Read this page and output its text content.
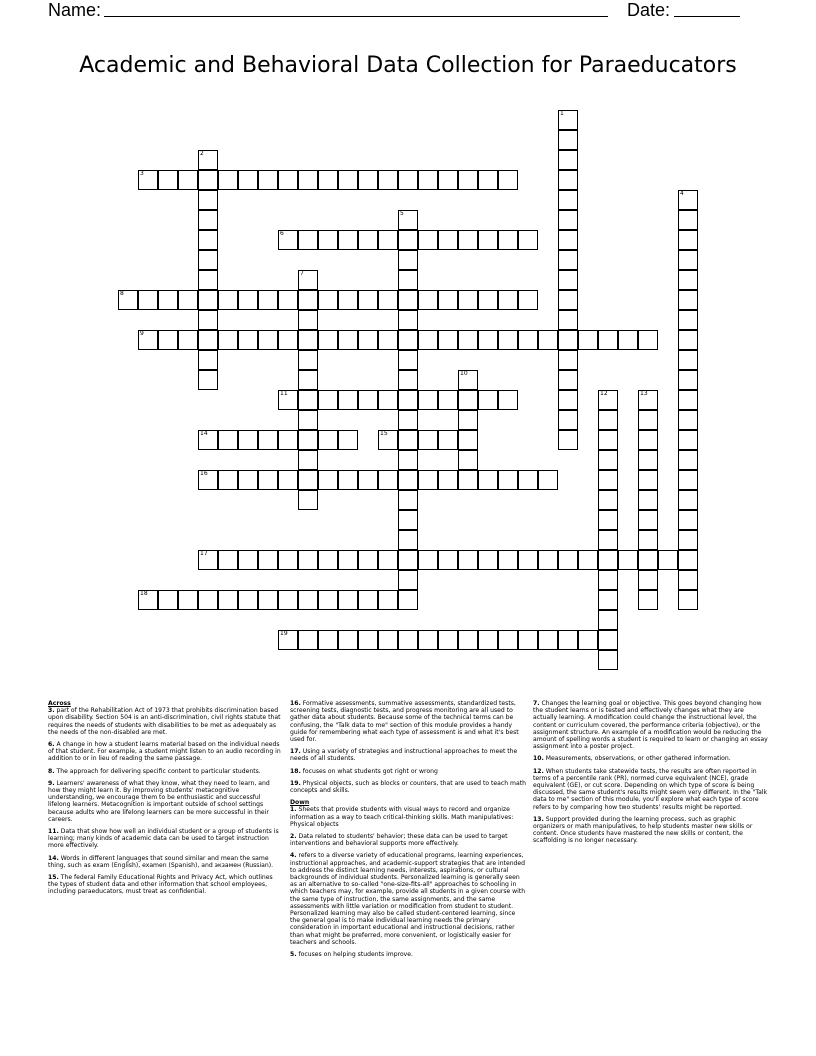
Name:	Date:
Academic and Behavioral Data Collection for Paraeducators
1
2
3
4
5
6
7
8
9
10
11	12	13
14	15
16
17
18
19
Across
3. part of the Rehabilitation Act of 1973 that prohibits discrimination based upon disability. Section 504 is an anti-discrimination, civil rights statute that requires the needs of students with disabilities to be met as adequately as the needs of the non-disabled are met.
6. A change in how a student learns material based on the individual needs of that student. For example, a student might listen to an audio recording in addition to or in lieu of reading the same passage.
8. The approach for delivering specific content to particular students.
9. Learners' awareness of what they know, what they need to learn, and how they might learn it. By improving students' metacognitive understanding, we encourage them to be enthusiastic and successful lifelong learners. Metacognition is important outside of school settings because adults who are lifelong learners can be more successful in their careers.
11. Data that show how well an individual student or a group of students is learning; many kinds of academic data can be used to target instruction more effectively.
14. Words in different languages that sound similar and mean the same thing, such as exam (English), examen (Spanish), and экзамен (Russian).
15. The federal Family Educational Rights and Privacy Act, which outlines the types of student data and other information that school employees, including paraeducators, must treat as confidential.
16. Formative assessments, summative assessments, standardized tests, screening tests, diagnostic tests, and progress monitoring are all used to gather data about students. Because some of the technical terms can be confusing, the "Talk data to me" section of this module provides a handy guide for remembering what each type of assessment is and what it's best used for.
17. Using a variety of strategies and instructional approaches to meet the needs of all students.
18. focuses on what students got right or wrong
19. Physical objects, such as blocks or counters, that are used to teach math concepts and skills.
Down
1. Sheets that provide students with visual ways to record and organize information as a way to teach critical-thinking skills. Math manipulatives: Physical objects
2. Data related to students' behavior; these data can be used to target interventions and behavioral supports more effectively.
4. refers to a diverse variety of educational programs, learning experiences, instructional approaches, and academic-support strategies that are intended to address the distinct learning needs, interests, aspirations, or cultural backgrounds of individual students. Personalized learning is generally seen as an alternative to so-called "one-size-fits-all" approaches to schooling in which teachers may, for example, provide all students in a given course with the same type of instruction, the same assignments, and the same assessments with little variation or modification from student to student. Personalized learning may also be called student-centered learning, since the general goal is to make individual learning needs the primary consideration in important educational and instructional decisions, rather than what might be preferred, more convenient, or logistically easier for teachers and schools.
5. focuses on helping students improve.
7. Changes the learning goal or objective. This goes beyond changing how the student learns or is tested and effectively changes what they are actually learning. A modification could change the instructional level, the content or curriculum covered, the performance criteria (objective), or the assignment structure. An example of a modification would be reducing the amount of spelling words a student is required to learn or changing an essay assignment into a poster project.
10. Measurements, observations, or other gathered information.
12. When students take statewide tests, the results are often reported in terms of a percentile rank (PR), normed curve equivalent (NCE), grade equivalent (GE), or cut score. Depending on which type of score is being discussed, the same student's results might seem very different. In the "Talk data to me" section of this module, you'll explore what each type of score refers to by comparing how two students' results might be reported.
13. Support provided during the learning process, such as graphic organizers or math manipulatives, to help students master new skills or content. Once students have mastered the new skills or content, the scaffolding is no longer necessary.
